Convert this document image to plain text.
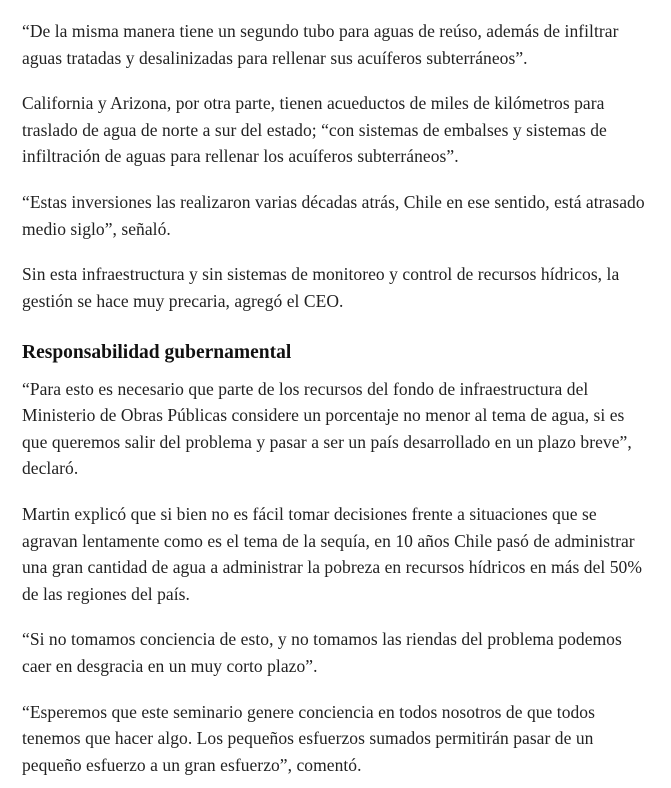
“De la misma manera tiene un segundo tubo para aguas de reúso, además de infiltrar aguas tratadas y desalinizadas para rellenar sus acuíferos subterráneos”.

California y Arizona, por otra parte, tienen acueductos de miles de kilómetros para traslado de agua de norte a sur del estado; “con sistemas de embalses y sistemas de infiltración de aguas para rellenar los acuíferos subterráneos”.

“Estas inversiones las realizaron varias décadas atrás, Chile en ese sentido, está atrasado medio siglo”, señaló.

Sin esta infraestructura y sin sistemas de monitoreo y control de recursos hídricos, la gestión se hace muy precaria, agregó el CEO.

Responsabilidad gubernamental

“Para esto es necesario que parte de los recursos del fondo de infraestructura del Ministerio de Obras Públicas considere un porcentaje no menor al tema de agua, si es que queremos salir del problema y pasar a ser un país desarrollado en un plazo breve”, declaró.

Martin explicó que si bien no es fácil tomar decisiones frente a situaciones que se agravan lentamente como es el tema de la sequía, en 10 años Chile pasó de administrar una gran cantidad de agua a administrar la pobreza en recursos hídricos en más del 50% de las regiones del país.

“Si no tomamos conciencia de esto, y no tomamos las riendas del problema podemos caer en desgracia en un muy corto plazo”.

“Esperemos que este seminario genere conciencia en todos nosotros de que todos tenemos que hacer algo. Los pequeños esfuerzos sumados permitirán pasar de un pequeño esfuerzo a un gran esfuerzo”, comentó.
